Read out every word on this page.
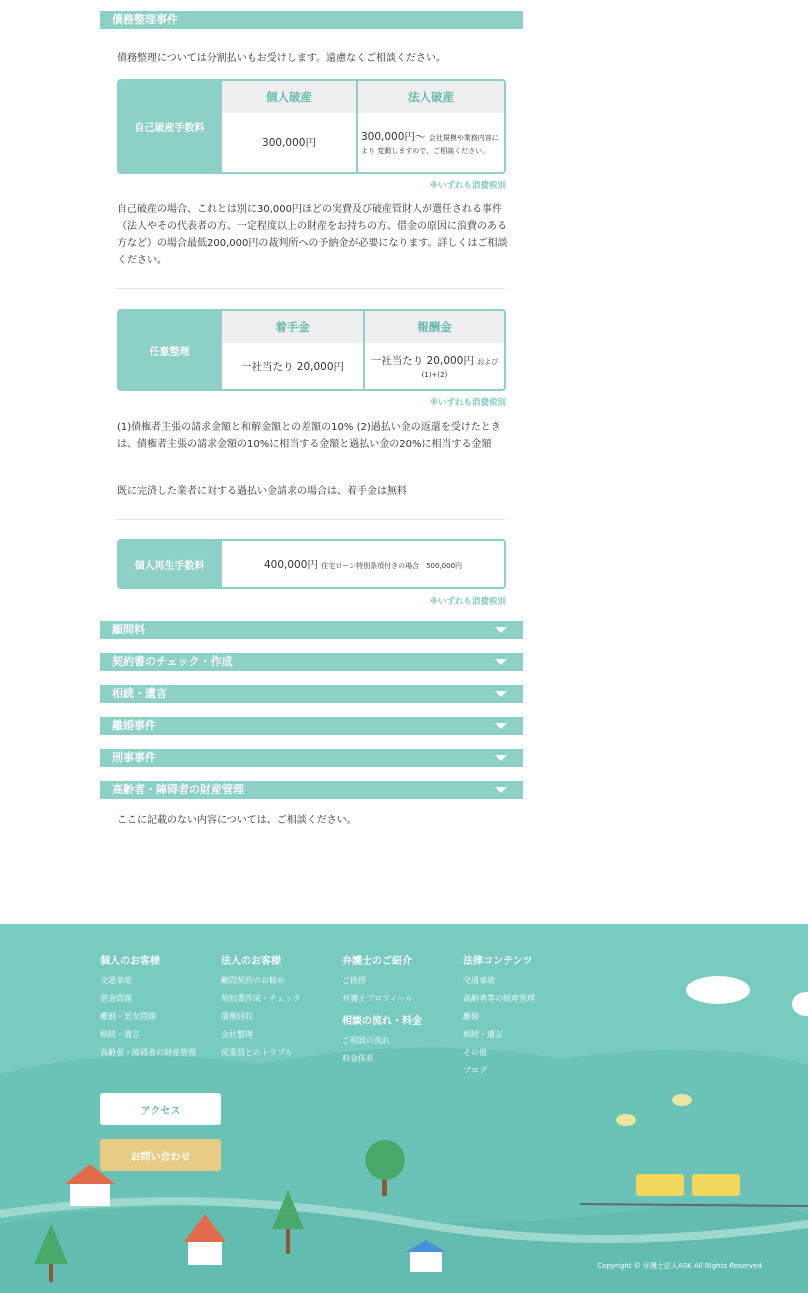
債務整理事件
債務整理については分割払いもお受けします。遠慮なくご相談ください。
自己破産手数料
個人破産
300,000円
法人破産
300,000円〜 会社規模や業務内容により 変動しますので、ご相談ください。
※いずれも消費税別
自己破産の場合、これとは別に30,000円ほどの実費及び破産管財人が選任される事件（法人やその代表者の方、一定程度以上の財産をお持ちの方、借金の原因に浪費のある方など）の場合最低200,000円の裁判所への予納金が必要になります。詳しくはご相談ください。
任意整理
着手金
一社当たり 20,000円
報酬金
一社当たり 20,000円 および(1)+(2)
※いずれも消費税別
(1)債権者主張の請求金額と和解金額との差額の10% (2)過払い金の返還を受けたときは、債権者主張の請求金額の10%に相当する金額と過払い金の20%に相当する金額
既に完済した業者に対する過払い金請求の場合は、着手金は無料
個人再生手数料	400,000円 住宅ローン特別条項付きの場合　500,000円
※いずれも消費税別
顧問料
契約書のチェック・作成
相続・遺言
離婚事件
刑事事件
高齢者・障碍者の財産管理
ここに記載のない内容については、ご相談ください。
個人のお客様
交通事故
借金問題
離婚・男女問題
相続・遺言
高齢者・障碍者の財産管理
法人のお客様
顧問契約のお勧め
契約書作成・チェック
債権回収
会社整理
従業員とのトラブル
弁護士のご紹介
ご挨拶
弁護士プロフィール
相談の流れ・料金
ご相談の流れ
料金体系
法律コンテンツ
交通事故
高齢者等の財産管理
離婚
相続・遺言
その他
ブログ
アクセス
お問い合わせ
Copyright © 弁護士法人ASK All Rights Reserved.
